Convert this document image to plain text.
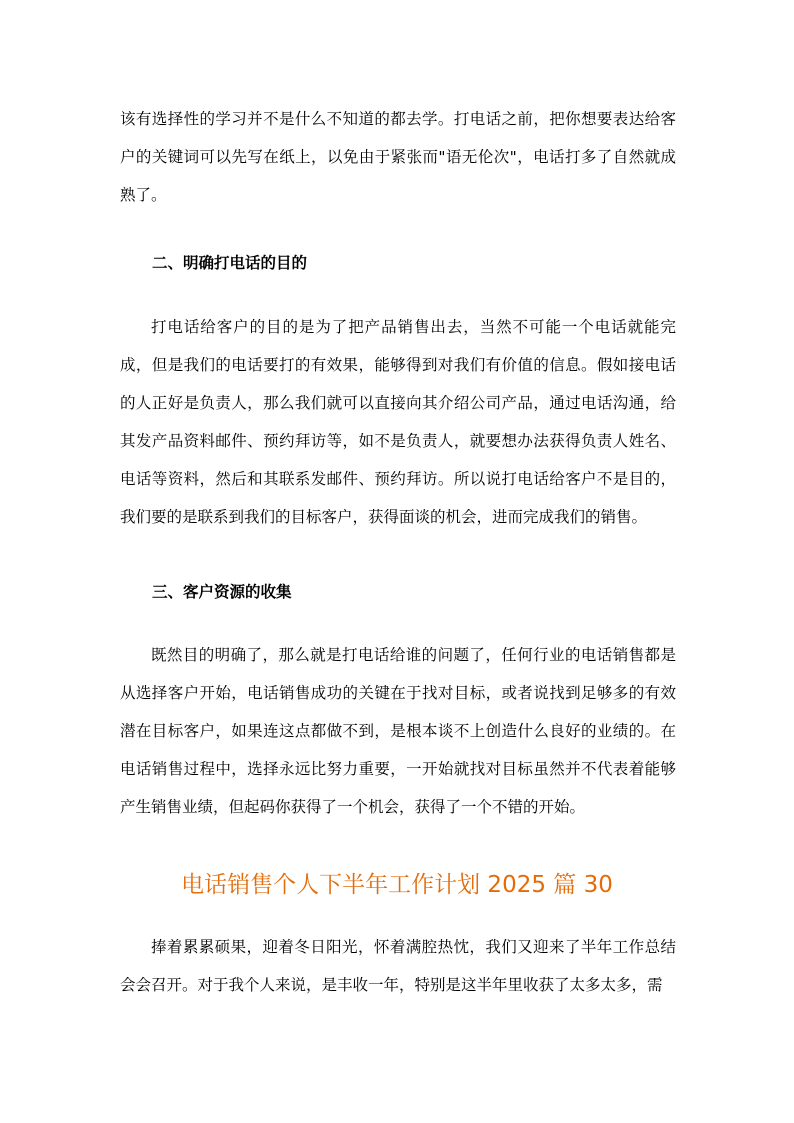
该有选择性的学习并不是什么不知道的都去学。打电话之前，把你想要表达给客户的关键词可以先写在纸上，以免由于紧张而"语无伦次"，电话打多了自然就成熟了。
二、明确打电话的目的
打电话给客户的目的是为了把产品销售出去，当然不可能一个电话就能完成，但是我们的电话要打的有效果，能够得到对我们有价值的信息。假如接电话的人正好是负责人，那么我们就可以直接向其介绍公司产品，通过电话沟通，给其发产品资料邮件、预约拜访等，如不是负责人，就要想办法获得负责人姓名、电话等资料，然后和其联系发邮件、预约拜访。所以说打电话给客户不是目的，我们要的是联系到我们的目标客户，获得面谈的机会，进而完成我们的销售。
三、客户资源的收集
既然目的明确了，那么就是打电话给谁的问题了，任何行业的电话销售都是从选择客户开始，电话销售成功的关键在于找对目标，或者说找到足够多的有效潜在目标客户，如果连这点都做不到，是根本谈不上创造什么良好的业绩的。在电话销售过程中，选择永远比努力重要，一开始就找对目标虽然并不代表着能够产生销售业绩，但起码你获得了一个机会，获得了一个不错的开始。
电话销售个人下半年工作计划 2025 篇 30
捧着累累硕果，迎着冬日阳光，怀着满腔热忱，我们又迎来了半年工作总结会会召开。对于我个人来说，是丰收一年，特别是这半年里收获了太多太多，需
